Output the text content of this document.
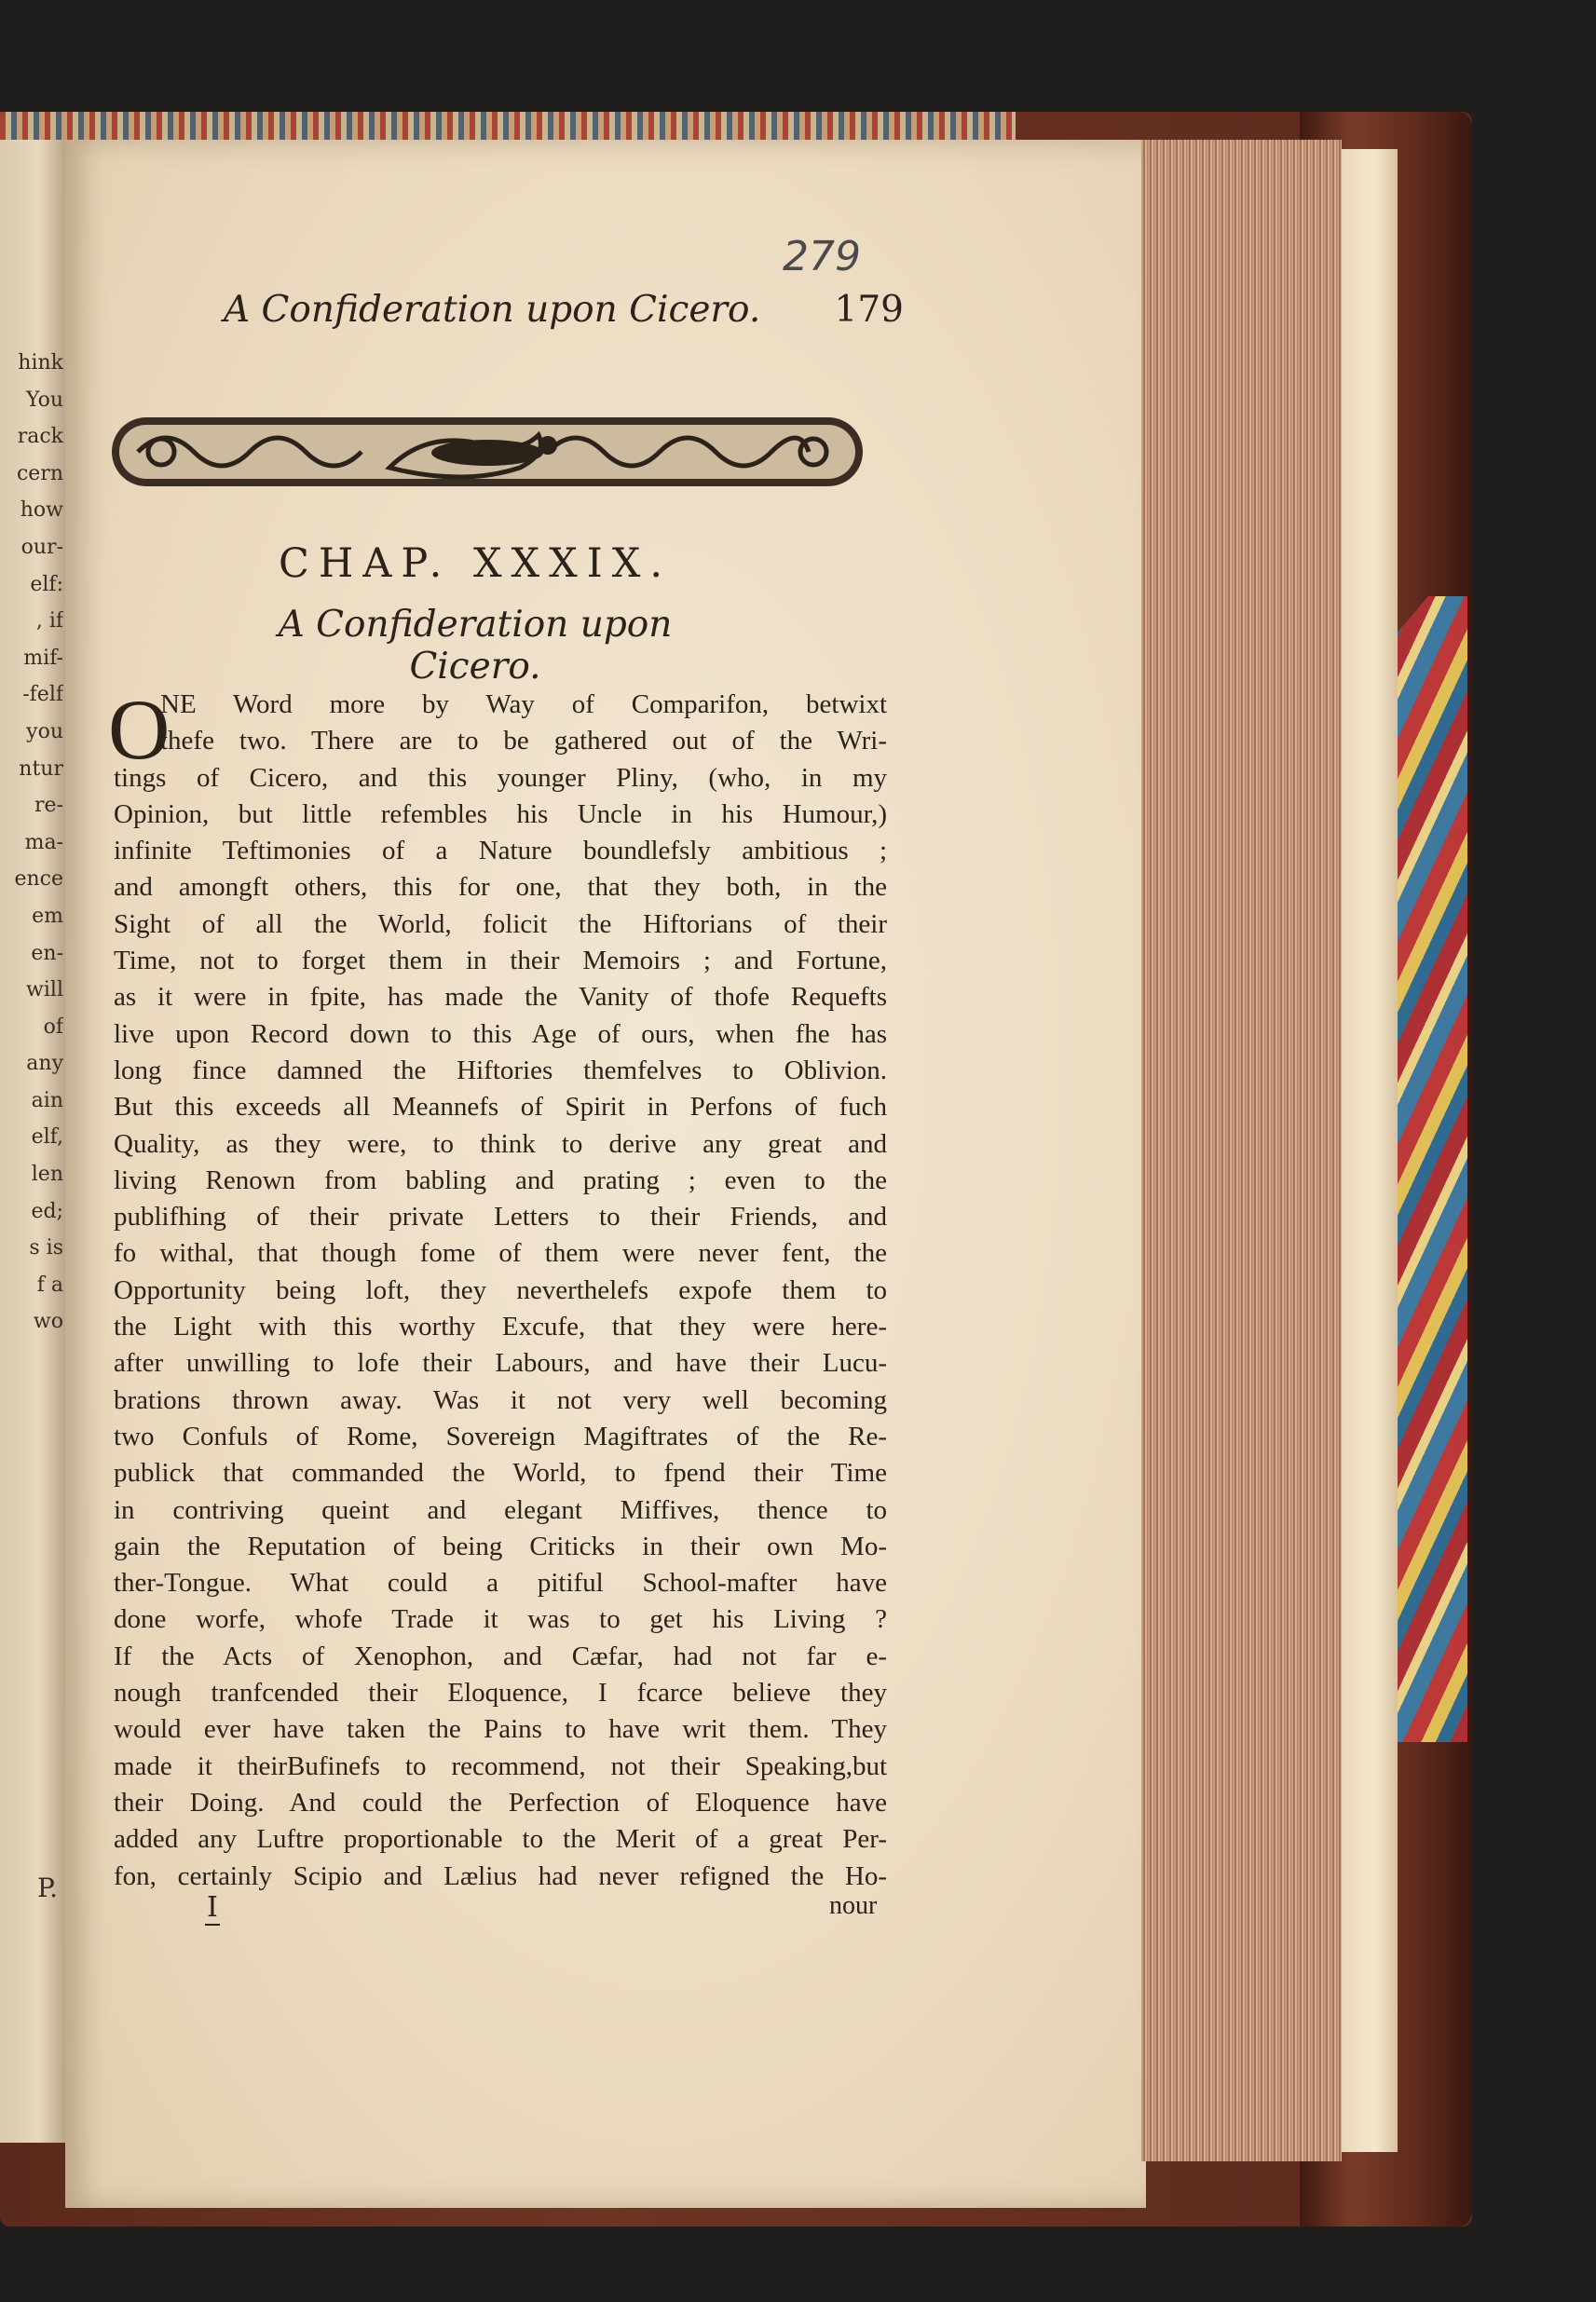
hink
You
rack
cern
how
our-
elf:
, if
mif-
-felf
you
ntur
re-
ma-
ence
em
en-
will
of
any
ain
elf,
len
ed;
s is
f a
wo
P.
279
A Confideration upon Cicero. 179
CHAP. XXXIX.
A Confideration upon Cicero.
O
NE Word more by Way of Comparifon, betwixt
thefe two. There are to be gathered out of the Wri-
tings of Cicero, and this younger Pliny, (who, in my
Opinion, but little refembles his Uncle in his Humour,)
infinite Teftimonies of a Nature boundlefsly ambitious ;
and amongft others, this for one, that they both, in the
Sight of all the World, folicit the Hiftorians of their
Time, not to forget them in their Memoirs ; and Fortune,
as it were in fpite, has made the Vanity of thofe Requefts
live upon Record down to this Age of ours, when fhe has
long fince damned the Hiftories themfelves to Oblivion.
But this exceeds all Meannefs of Spirit in Perfons of fuch
Quality, as they were, to think to derive any great and
living Renown from babling and prating ; even to the
publifhing of their private Letters to their Friends, and
fo withal, that though fome of them were never fent, the
Opportunity being loft, they neverthelefs expofe them to
the Light with this worthy Excufe, that they were here-
after unwilling to lofe their Labours, and have their Lucu-
brations thrown away. Was it not very well becoming
two Confuls of Rome, Sovereign Magiftrates of the Re-
publick that commanded the World, to fpend their Time
in contriving queint and elegant Miffives, thence to
gain the Reputation of being Criticks in their own Mo-
ther-Tongue. What could a pitiful School-mafter have
done worfe, whofe Trade it was to get his Living ?
If the Acts of Xenophon, and Cæfar, had not far e-
nough tranfcended their Eloquence, I fcarce believe they
would ever have taken the Pains to have writ them. They
made it theirBufinefs to recommend, not their Speaking,but
their Doing. And could the Perfection of Eloquence have
added any Luftre proportionable to the Merit of a great Per-
fon, certainly Scipio and Lælius had never refigned the Ho-
I	nour
